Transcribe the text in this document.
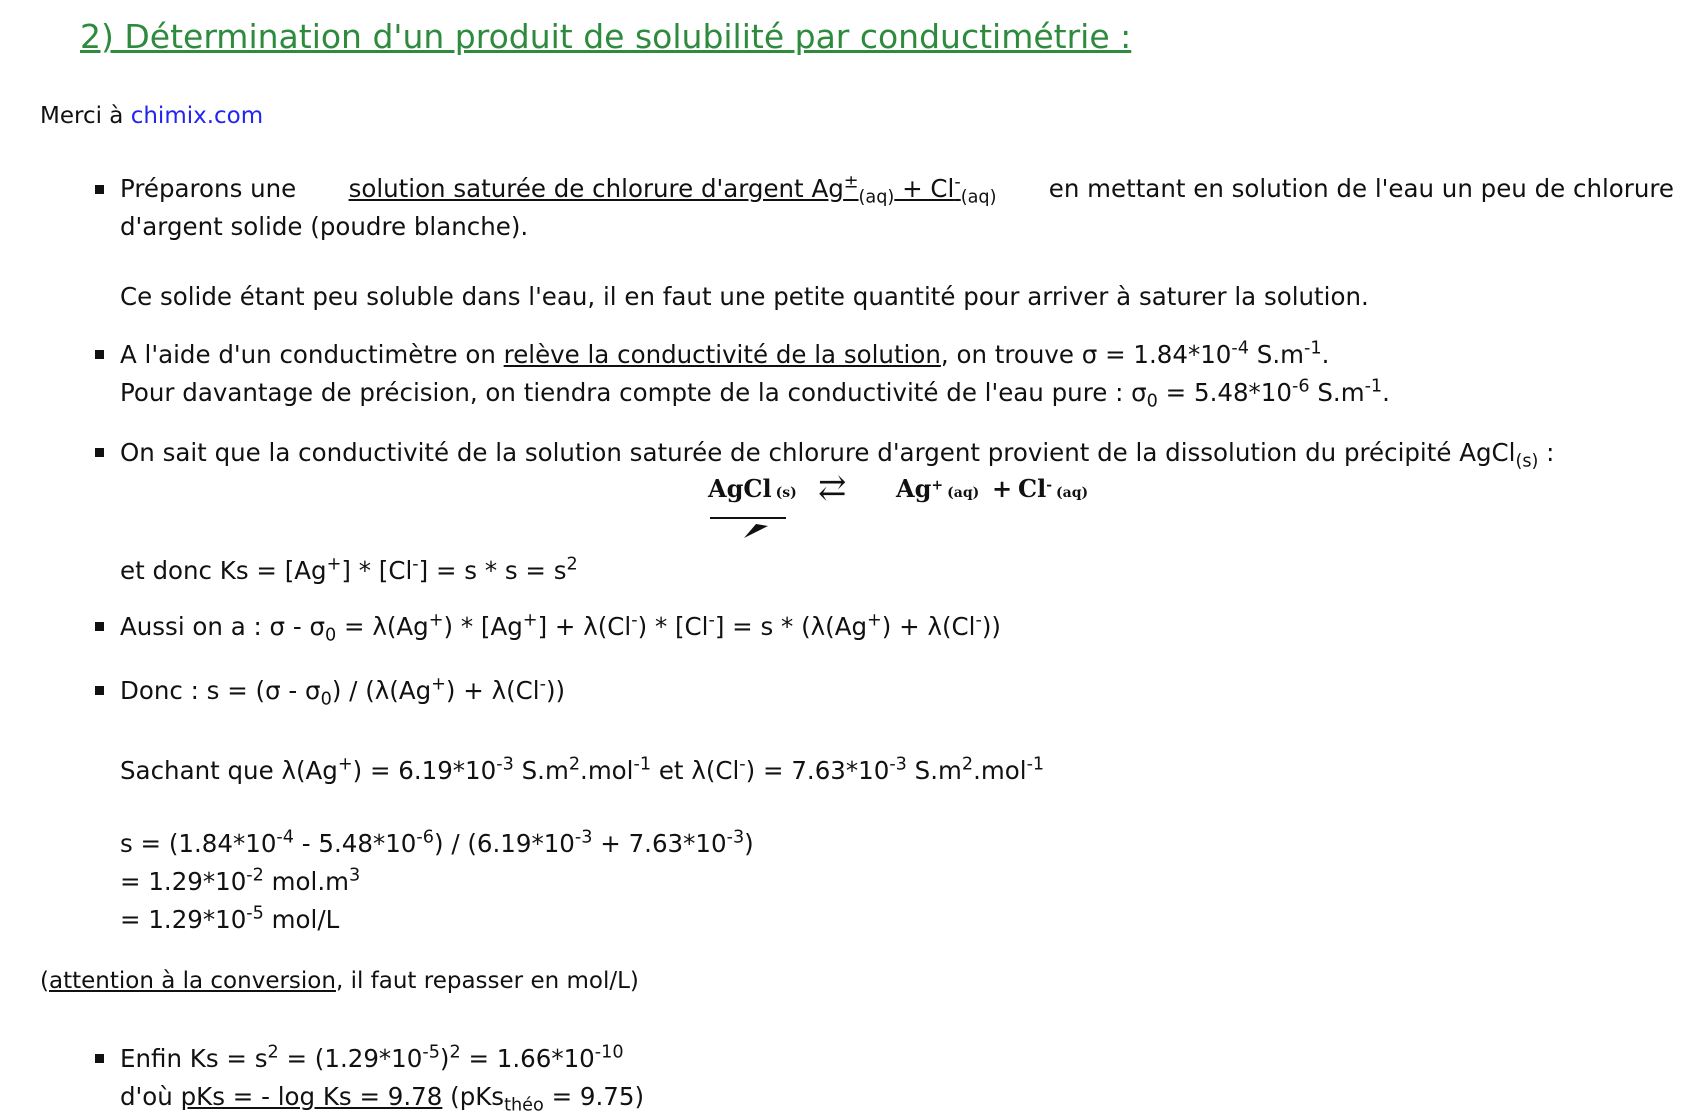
2) Détermination d'un produit de solubilité par conductimétrie :
Merci à chimix.com
Préparons une solution saturée de chlorure d'argent $Ag^\pm_{(aq)} + Cl^-_{(aq)}$ en mettant en solution de l'eau un peu de chlorure
d'argent solide (poudre blanche).
Ce solide étant peu soluble dans l'eau, il en faut une petite quantité pour arriver à saturer la solution.
A l'aide d'un conductimètre on relève la conductivité de la solution, on trouve $\sigma = 1.84*10^{-4}$ $S.m^{-1}$.
Pour davantage de précision, on tiendra compte de la conductivité de l'eau pure : $\sigma_0 = 5.48*10^{-6}$ $S.m^{-1}$.
On sait que la conductivité de la solution saturée de chlorure d'argent provient de la dissolution du précipité AgCl$_{(s)}$ :
AgCl (s) ⇄ Ag+ (aq) + Cl- (aq)
et donc $Ks = [Ag^+] * [Cl^-] = s * s = s^2$
Aussi on a : $\sigma - \sigma_0 = \lambda(Ag^+) * [Ag^+] + \lambda(Cl^-) * [Cl^-] = s * (\lambda(Ag^+) + \lambda(Cl^-))$
Donc : $s = (\sigma - \sigma_0) / (\lambda(Ag^+) + \lambda(Cl^-))$
Sachant que $\lambda(Ag^+) = 6.19*10^{-3}$ $S.m^2.mol^{-1}$ et $\lambda(Cl^-) = 7.63*10^{-3}$ $S.m^2.mol^{-1}$
$s = (1.84*10^{-4} - 5.48*10^{-6}) / (6.19*10^{-3} + 7.63*10^{-3})$
= $1.29*10^{-2}$ $mol.m^3$
= $1.29*10^{-5}$ mol/L
(attention à la conversion, il faut repasser en mol/L)
Enfin $Ks = s^2 = (1.29*10^{-5})^2 = 1.66*10^{-10}$
d'où pKs = - log Ks = 9.78 (pKs$_{théo}$ = 9.75)
